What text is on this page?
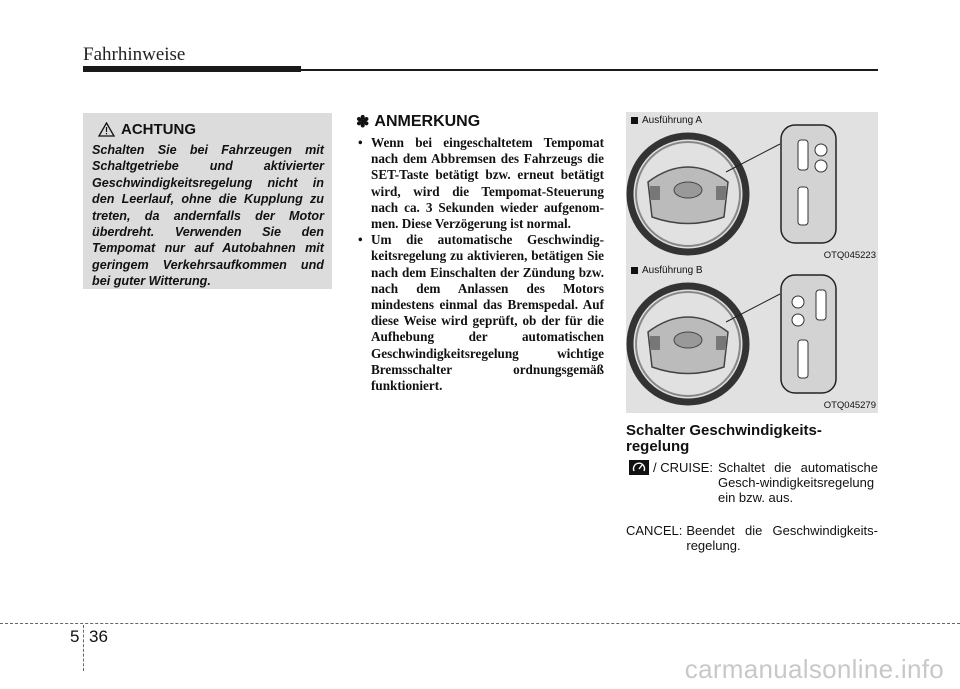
Fahrhinweise
ACHTUNG
Schalten Sie bei Fahrzeugen mit Schaltgetriebe und aktivierter Geschwindigkeitsregelung nicht in den Leerlauf, ohne die Kupplung zu treten, da andernfalls der Motor überdreht. Verwenden Sie den Tempomat nur auf Autobahnen mit geringem Verkehrsaufkommen und bei guter Witterung.
✽ ANMERKUNG
• Wenn bei eingeschaltetem Tempomat nach dem Abbremsen des Fahrzeugs die SET-Taste betätigt bzw. erneut betätigt wird, wird die Tempomat-Steuerung nach ca. 3 Sekunden wieder aufgenom-men. Diese Verzögerung ist normal.
• Um die automatische Geschwindig-keitsregelung zu aktivieren, betätigen Sie nach dem Einschalten der Zündung bzw. nach dem Anlassen des Motors mindestens einmal das Bremspedal. Auf diese Weise wird geprüft, ob der für die Aufhebung der automatischen Geschwindigkeitsregelung wichtige Bremsschalter ordnungsgemäß funktioniert.
Ausführung A
OTQ045223
Ausführung B
OTQ045279
Schalter Geschwindigkeits-regelung
/ CRUISE: Schaltet die automatische Gesch-windigkeitsregelung ein bzw. aus.
CANCEL: Beendet die Geschwindigkeits-regelung.
5 36
carmanualsonline.info
